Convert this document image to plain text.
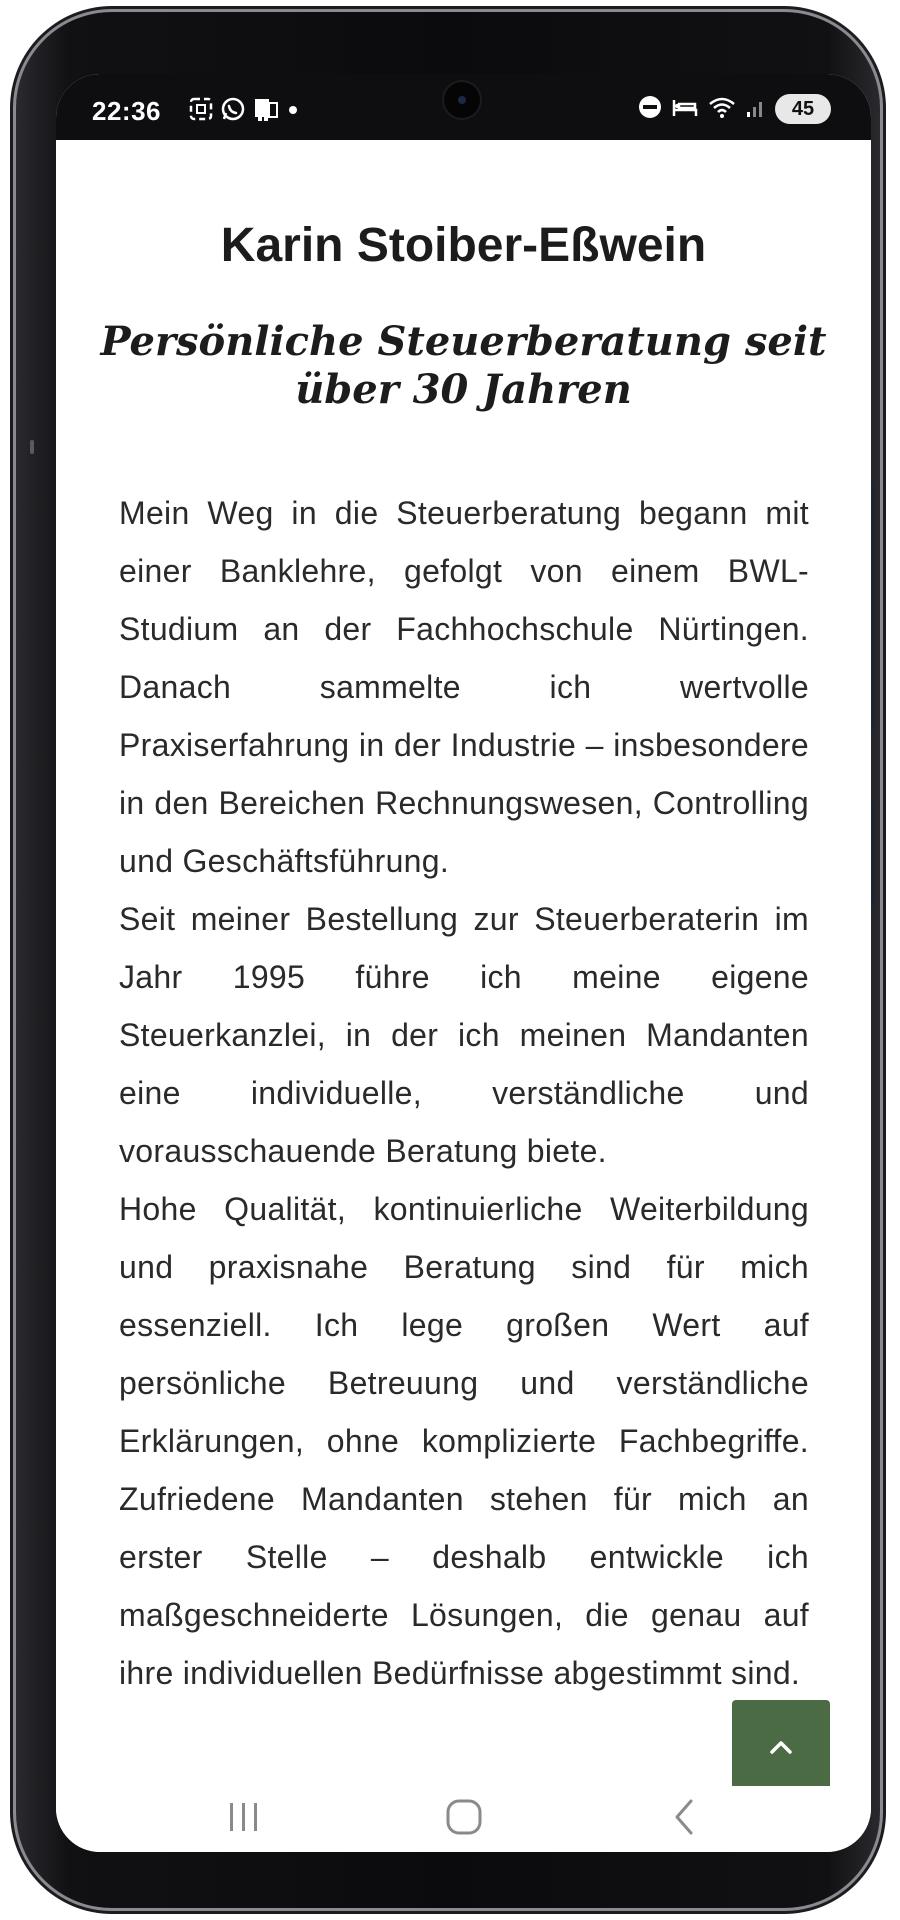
22:36	45
Karin Stoiber-Eßwein
Persönliche Steuerberatung seit über 30 Jahren

Mein Weg in die Steuerberatung begann mit einer Banklehre, gefolgt von einem BWL-Studium an der Fachhochschule Nürtingen. Danach sammelte ich wertvolle Praxiserfahrung in der Industrie – insbesondere in den Bereichen Rechnungswesen, Controlling und Geschäftsführung.

Seit meiner Bestellung zur Steuerberaterin im Jahr 1995 führe ich meine eigene Steuerkanzlei, in der ich meinen Mandanten eine individuelle, verständliche und vorausschauende Beratung biete.

Hohe Qualität, kontinuierliche Weiterbildung und praxisnahe Beratung sind für mich essenziell. Ich lege großen Wert auf persönliche Betreuung und verständliche Erklärungen, ohne komplizierte Fachbegriffe. Zufriedene Mandanten stehen für mich an erster Stelle – deshalb entwickle ich maßgeschneiderte Lösungen, die genau auf ihre individuellen Bedürfnisse abgestimmt sind.
